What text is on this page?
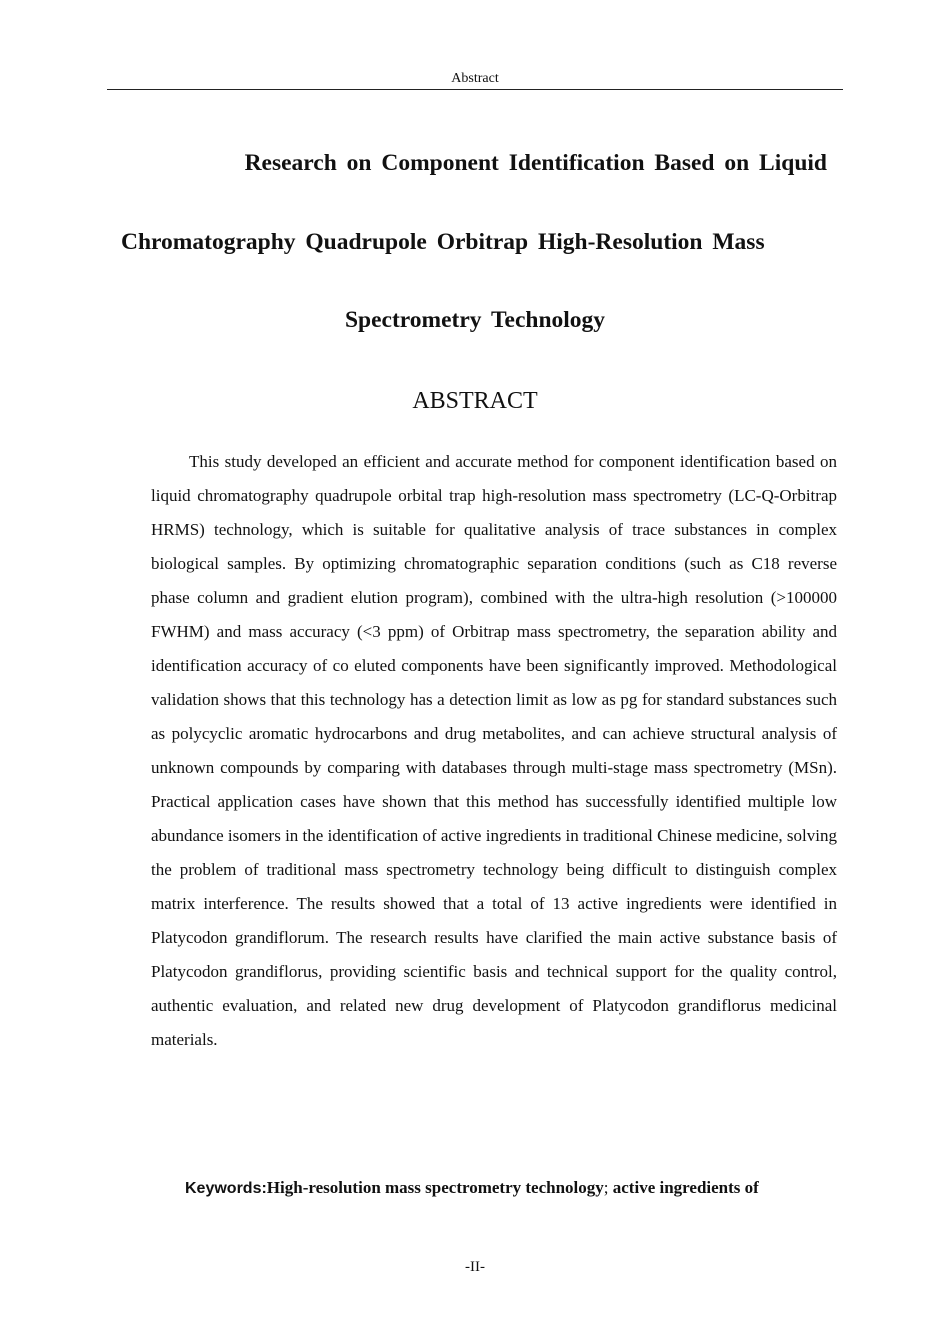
Abstract
Research on Component Identification Based on Liquid
Chromatography Quadrupole Orbitrap High-Resolution Mass
Spectrometry Technology
ABSTRACT

This study developed an efficient and accurate method for component identification based on liquid chromatography quadrupole orbital trap high-resolution mass spectrometry (LC-Q-Orbitrap HRMS) technology, which is suitable for qualitative analysis of trace substances in complex biological samples. By optimizing chromatographic separation conditions (such as C18 reverse phase column and gradient elution program), combined with the ultra-high resolution (>100000 FWHM) and mass accuracy (<3 ppm) of Orbitrap mass spectrometry, the separation ability and identification accuracy of co eluted components have been significantly improved. Methodological validation shows that this technology has a detection limit as low as pg for standard substances such as polycyclic aromatic hydrocarbons and drug metabolites, and can achieve structural analysis of unknown compounds by comparing with databases through multi-stage mass spectrometry (MSn). Practical application cases have shown that this method has successfully identified multiple low abundance isomers in the identification of active ingredients in traditional Chinese medicine, solving the problem of traditional mass spectrometry technology being difficult to distinguish complex matrix interference. The results showed that a total of 13 active ingredients were identified in Platycodon grandiflorum. The research results have clarified the main active substance basis of Platycodon grandiflorus, providing scientific basis and technical support for the quality control, authentic evaluation, and related new drug development of Platycodon grandiflorus medicinal materials.

Keywords:High-resolution mass spectrometry technology; active ingredients of

-II-
